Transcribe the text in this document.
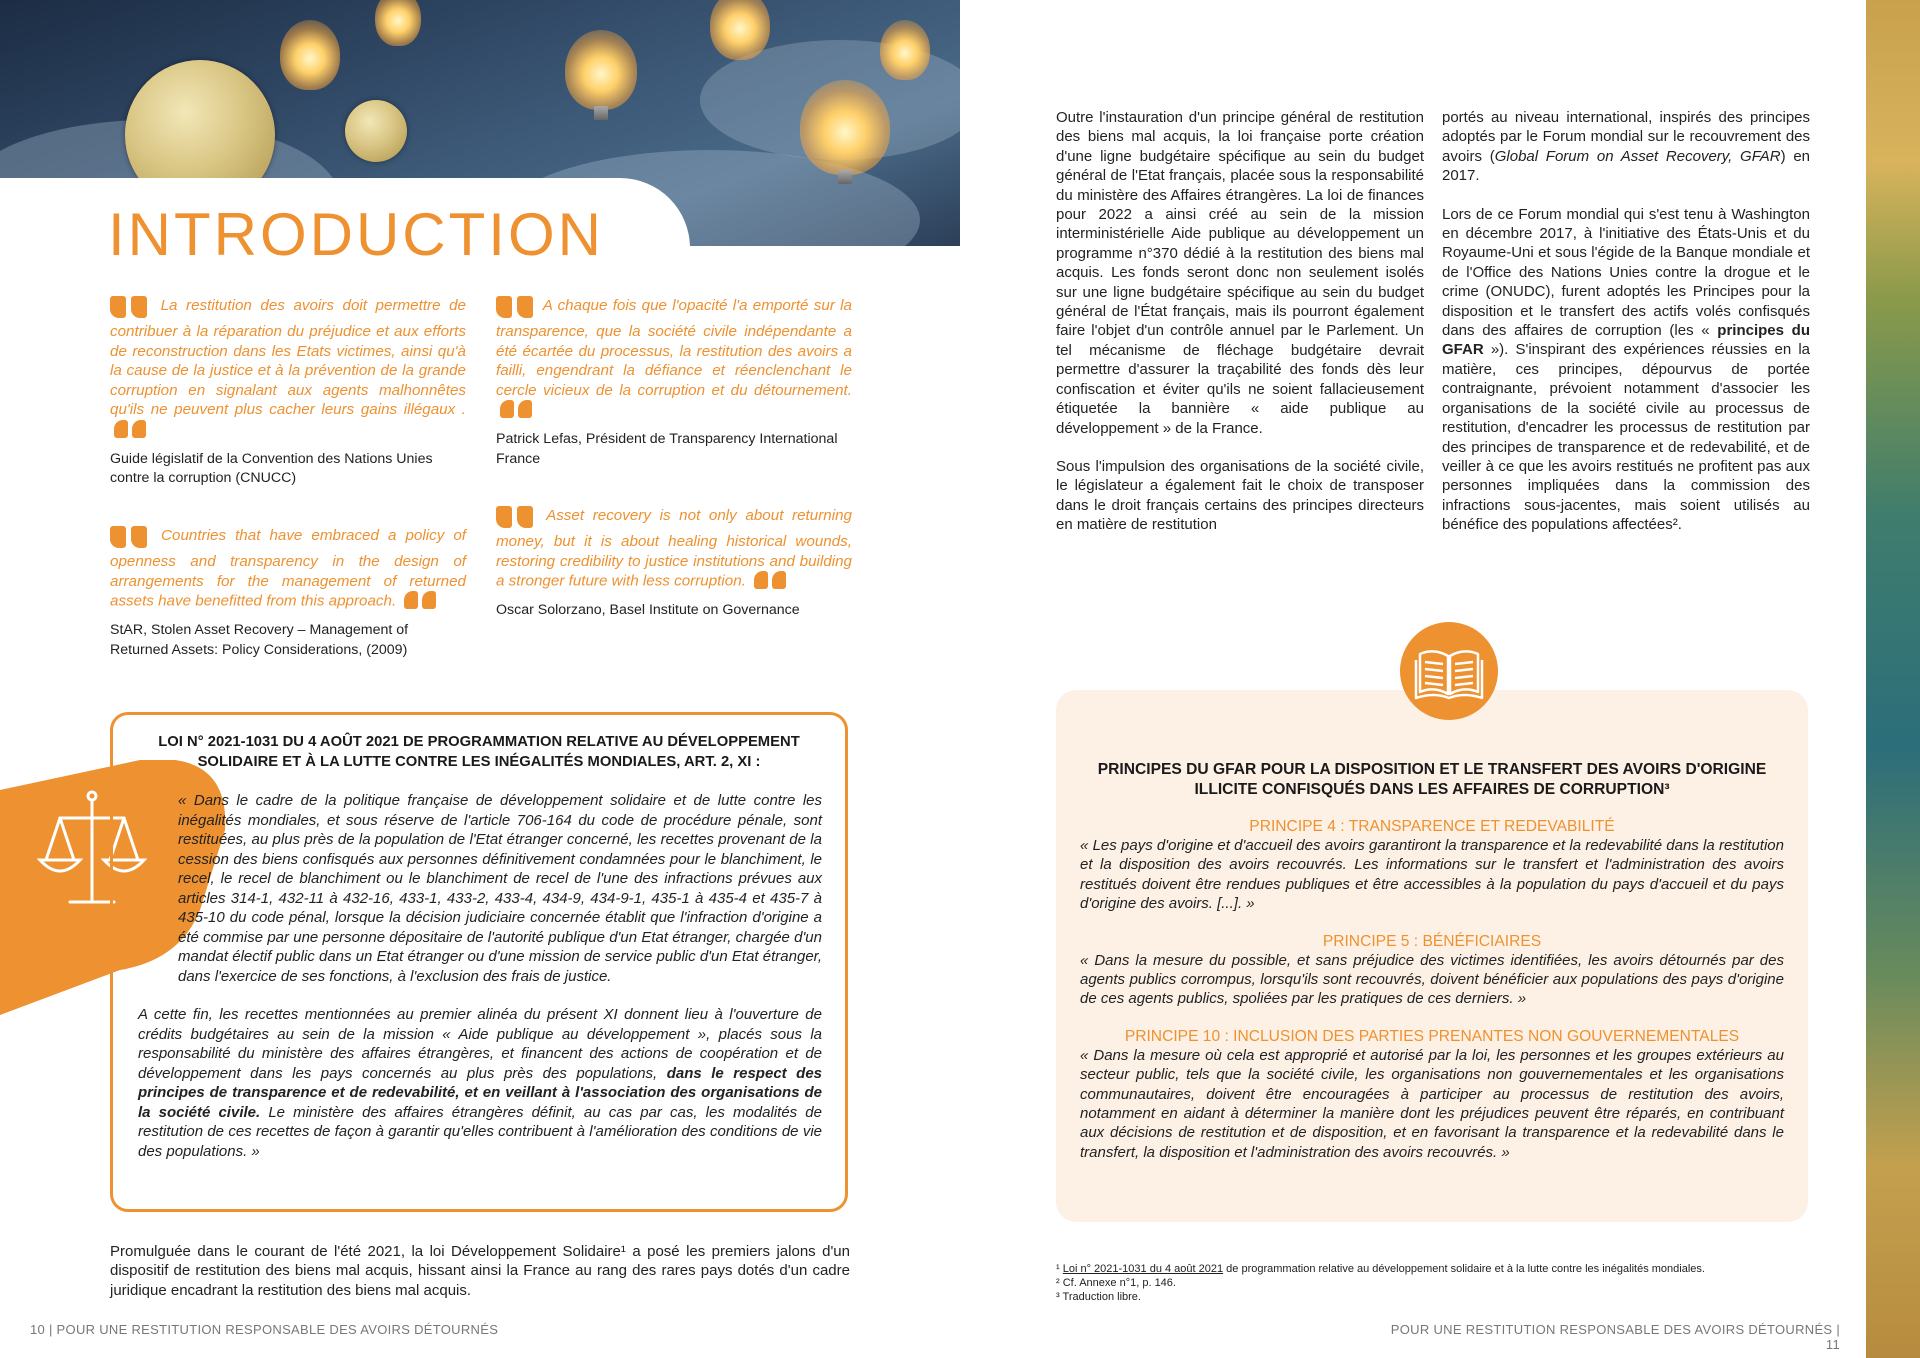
INTRODUCTION
La restitution des avoirs doit permettre de contribuer à la réparation du préjudice et aux efforts de reconstruction dans les Etats victimes, ainsi qu'à la cause de la justice et à la prévention de la grande corruption en signalant aux agents malhonnêtes qu'ils ne peuvent plus cacher leurs gains illégaux .
Guide législatif de la Convention des Nations Unies contre la corruption (CNUCC)
A chaque fois que l'opacité l'a emporté sur la transparence, que la société civile indépendante a été écartée du processus, la restitution des avoirs a failli, engendrant la défiance et réenclenchant le cercle vicieux de la corruption et du détournement.
Patrick Lefas, Président de Transparency International France
Countries that have embraced a policy of openness and transparency in the design of arrangements for the management of returned assets have benefitted from this approach.
StAR, Stolen Asset Recovery – Management of Returned Assets: Policy Considerations, (2009)
Asset recovery is not only about returning money, but it is about healing historical wounds, restoring credibility to justice institutions and building a stronger future with less corruption.
Oscar Solorzano, Basel Institute on Governance
LOI N° 2021-1031 DU 4 AOÛT 2021 DE PROGRAMMATION RELATIVE AU DÉVELOPPEMENT SOLIDAIRE ET À LA LUTTE CONTRE LES INÉGALITÉS MONDIALES, ART. 2, XI :
« Dans le cadre de la politique française de développement solidaire et de lutte contre les inégalités mondiales, et sous réserve de l'article 706-164 du code de procédure pénale, sont restituées, au plus près de la population de l'Etat étranger concerné, les recettes provenant de la cession des biens confisqués aux personnes définitivement condamnées pour le blanchiment, le recel, le recel de blanchiment ou le blanchiment de recel de l'une des infractions prévues aux articles 314-1, 432-11 à 432-16, 433-1, 433-2, 433-4, 434-9, 434-9-1, 435-1 à 435-4 et 435-7 à 435-10 du code pénal, lorsque la décision judiciaire concernée établit que l'infraction d'origine a été commise par une personne dépositaire de l'autorité publique d'un Etat étranger, chargée d'un mandat électif public dans un Etat étranger ou d'une mission de service public d'un Etat étranger, dans l'exercice de ses fonctions, à l'exclusion des frais de justice.
A cette fin, les recettes mentionnées au premier alinéa du présent XI donnent lieu à l'ouverture de crédits budgétaires au sein de la mission « Aide publique au développement », placés sous la responsabilité du ministère des affaires étrangères, et financent des actions de coopération et de développement dans les pays concernés au plus près des populations, dans le respect des principes de transparence et de redevabilité, et en veillant à l'association des organisations de la société civile. Le ministère des affaires étrangères définit, au cas par cas, les modalités de restitution de ces recettes de façon à garantir qu'elles contribuent à l'amélioration des conditions de vie des populations. »
Promulguée dans le courant de l'été 2021, la loi Développement Solidaire¹ a posé les premiers jalons d'un dispositif de restitution des biens mal acquis, hissant ainsi la France au rang des rares pays dotés d'un cadre juridique encadrant la restitution des biens mal acquis.
10 | POUR UNE RESTITUTION RESPONSABLE DES AVOIRS DÉTOURNÉS
Outre l'instauration d'un principe général de restitution des biens mal acquis, la loi française porte création d'une ligne budgétaire spécifique au sein du budget général de l'Etat français, placée sous la responsabilité du ministère des Affaires étrangères. La loi de finances pour 2022 a ainsi créé au sein de la mission interministérielle Aide publique au développement un programme n°370 dédié à la restitution des biens mal acquis. Les fonds seront donc non seulement isolés sur une ligne budgétaire spécifique au sein du budget général de l'État français, mais ils pourront également faire l'objet d'un contrôle annuel par le Parlement. Un tel mécanisme de fléchage budgétaire devrait permettre d'assurer la traçabilité des fonds dès leur confiscation et éviter qu'ils ne soient fallacieusement étiquetée la bannière « aide publique au développement » de la France.
Sous l'impulsion des organisations de la société civile, le législateur a également fait le choix de transposer dans le droit français certains des principes directeurs en matière de restitution
portés au niveau international, inspirés des principes adoptés par le Forum mondial sur le recouvrement des avoirs (Global Forum on Asset Recovery, GFAR) en 2017.
Lors de ce Forum mondial qui s'est tenu à Washington en décembre 2017, à l'initiative des États-Unis et du Royaume-Uni et sous l'égide de la Banque mondiale et de l'Office des Nations Unies contre la drogue et le crime (ONUDC), furent adoptés les Principes pour la disposition et le transfert des actifs volés confisqués dans des affaires de corruption (les « principes du GFAR »). S'inspirant des expériences réussies en la matière, ces principes, dépourvus de portée contraignante, prévoient notamment d'associer les organisations de la société civile au processus de restitution, d'encadrer les processus de restitution par des principes de transparence et de redevabilité, et de veiller à ce que les avoirs restitués ne profitent pas aux personnes impliquées dans la commission des infractions sous-jacentes, mais soient utilisés au bénéfice des populations affectées².
PRINCIPES DU GFAR POUR LA DISPOSITION ET LE TRANSFERT DES AVOIRS D'ORIGINE ILLICITE CONFISQUÉS DANS LES AFFAIRES DE CORRUPTION³
PRINCIPE 4 : TRANSPARENCE ET REDEVABILITÉ
« Les pays d'origine et d'accueil des avoirs garantiront la transparence et la redevabilité dans la restitution et la disposition des avoirs recouvrés. Les informations sur le transfert et l'administration des avoirs restitués doivent être rendues publiques et être accessibles à la population du pays d'accueil et du pays d'origine des avoirs. [...]. »
PRINCIPE 5 : BÉNÉFICIAIRES
« Dans la mesure du possible, et sans préjudice des victimes identifiées, les avoirs détournés par des agents publics corrompus, lorsqu'ils sont recouvrés, doivent bénéficier aux populations des pays d'origine de ces agents publics, spoliées par les pratiques de ces derniers. »
PRINCIPE 10 : INCLUSION DES PARTIES PRENANTES NON GOUVERNEMENTALES
« Dans la mesure où cela est approprié et autorisé par la loi, les personnes et les groupes extérieurs au secteur public, tels que la société civile, les organisations non gouvernementales et les organisations communautaires, doivent être encouragées à participer au processus de restitution des avoirs, notamment en aidant à déterminer la manière dont les préjudices peuvent être réparés, en contribuant aux décisions de restitution et de disposition, et en favorisant la transparence et la redevabilité dans le transfert, la disposition et l'administration des avoirs recouvrés. »
¹ Loi n° 2021-1031 du 4 août 2021 de programmation relative au développement solidaire et à la lutte contre les inégalités mondiales.
² Cf. Annexe n°1, p. 146.
³ Traduction libre.
POUR UNE RESTITUTION RESPONSABLE DES AVOIRS DÉTOURNÉS | 11
